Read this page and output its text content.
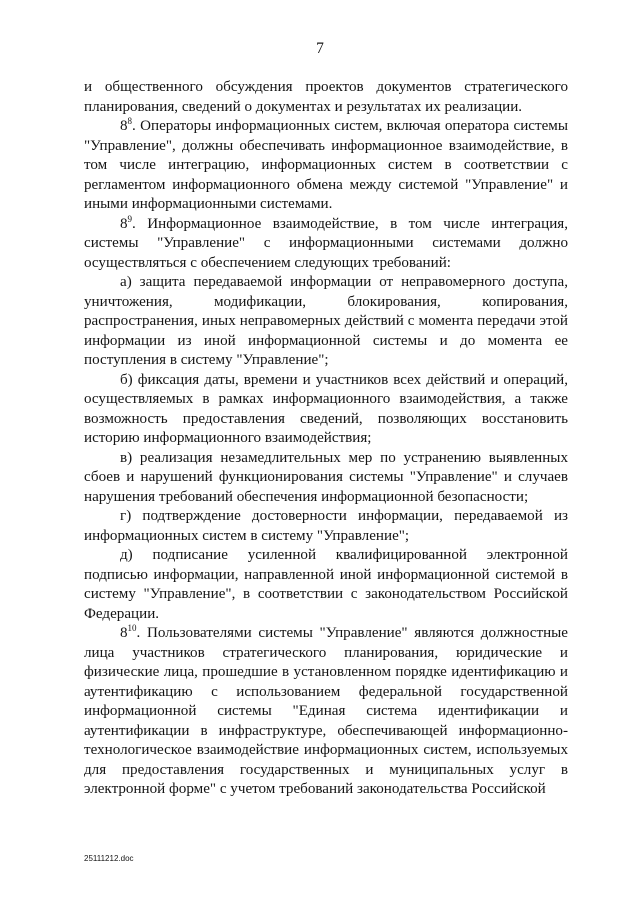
7

и общественного обсуждения проектов документов стратегического планирования, сведений о документах и результатах их реализации.

$8^8$. Операторы информационных систем, включая оператора системы "Управление", должны обеспечивать информационное взаимодействие, в том числе интеграцию, информационных систем в соответствии с регламентом информационного обмена между системой "Управление" и иными информационными системами.

$8^9$. Информационное взаимодействие, в том числе интеграция, системы "Управление" с информационными системами должно осуществляться с обеспечением следующих требований:

а) защита передаваемой информации от неправомерного доступа, уничтожения, модификации, блокирования, копирования, распространения, иных неправомерных действий с момента передачи этой информации из иной информационной системы и до момента ее поступления в систему "Управление";

б) фиксация даты, времени и участников всех действий и операций, осуществляемых в рамках информационного взаимодействия, а также возможность предоставления сведений, позволяющих восстановить историю информационного взаимодействия;

в) реализация незамедлительных мер по устранению выявленных сбоев и нарушений функционирования системы "Управление" и случаев нарушения требований обеспечения информационной безопасности;

г) подтверждение достоверности информации, передаваемой из информационных систем в систему "Управление";

д) подписание усиленной квалифицированной электронной подписью информации, направленной иной информационной системой в систему "Управление", в соответствии с законодательством Российской Федерации.

$8^{10}$. Пользователями системы "Управление" являются должностные лица участников стратегического планирования, юридические и физические лица, прошедшие в установленном порядке идентификацию и аутентификацию с использованием федеральной государственной информационной системы "Единая система идентификации и аутентификации в инфраструктуре, обеспечивающей информационно-технологическое взаимодействие информационных систем, используемых для предоставления государственных и муниципальных услуг в электронной форме" с учетом требований законодательства Российской

25111212.doc
